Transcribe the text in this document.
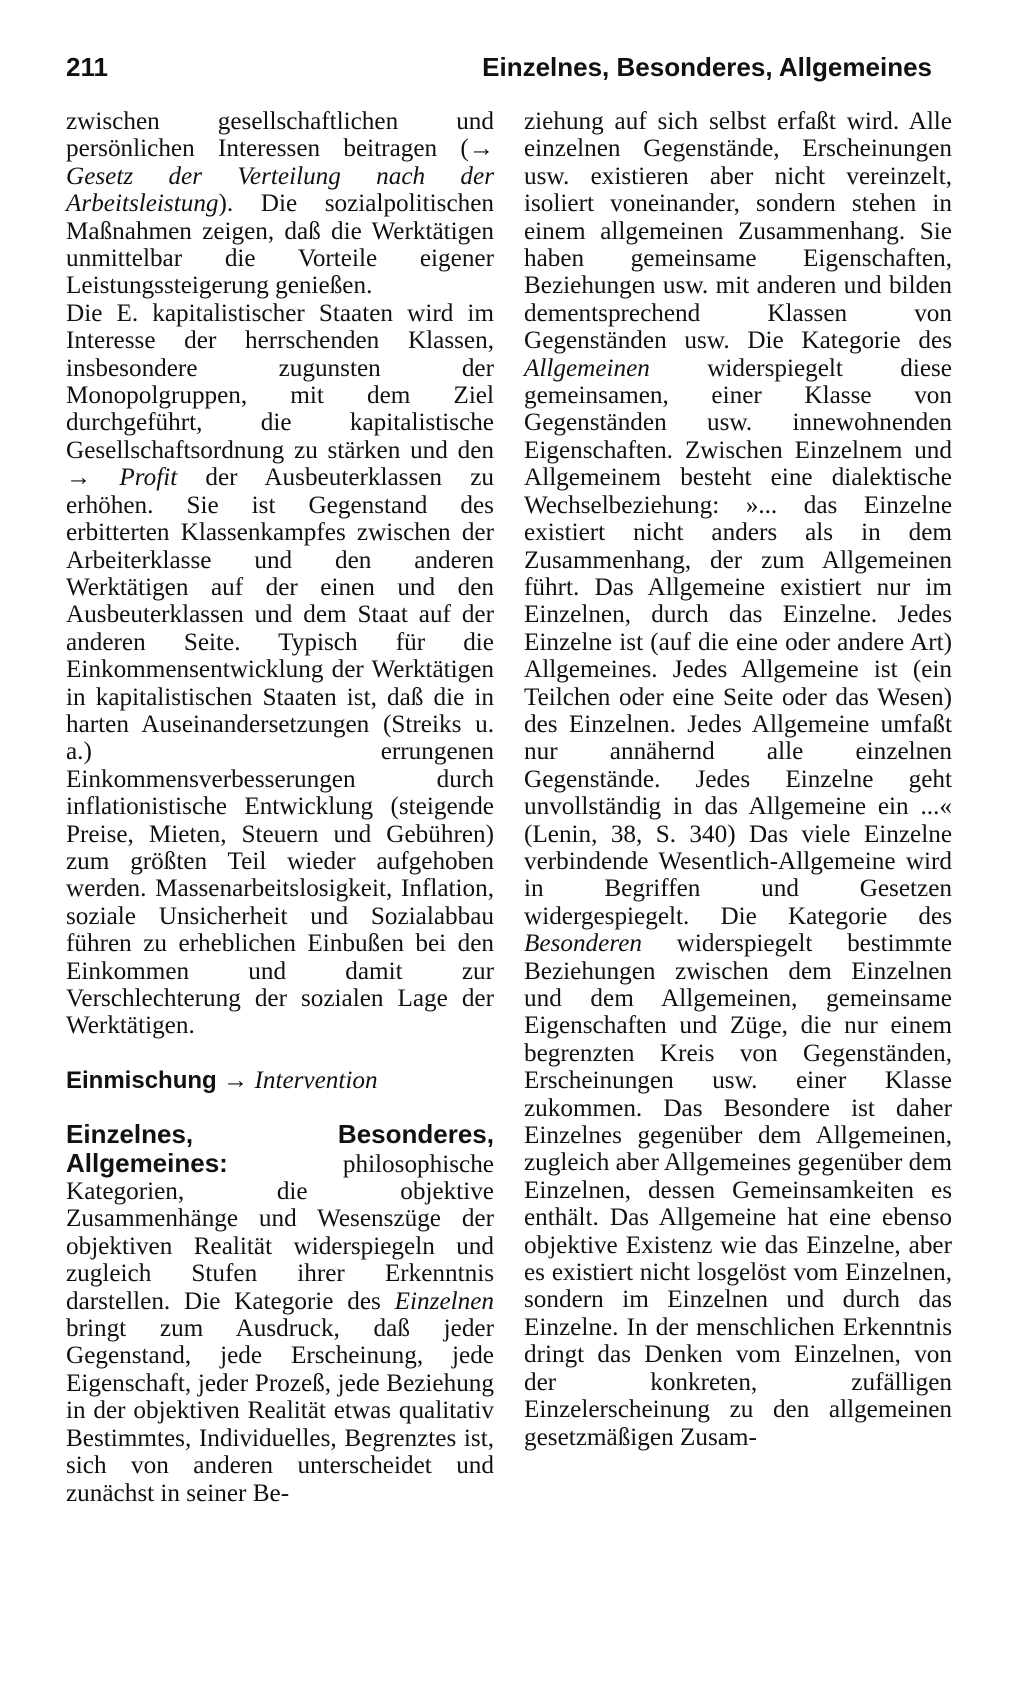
211	Einzelnes, Besonderes, Allgemeines

zwischen gesellschaftlichen und persönlichen Interessen beitragen (→ Gesetz der Verteilung nach der Arbeitsleistung). Die sozialpolitischen Maßnahmen zeigen, daß die Werktätigen unmittelbar die Vorteile eigener Leistungssteigerung genießen.

Die E. kapitalistischer Staaten wird im Interesse der herrschenden Klassen, insbesondere zugunsten der Monopolgruppen, mit dem Ziel durchgeführt, die kapitalistische Gesellschaftsordnung zu stärken und den → Profit der Ausbeuterklassen zu erhöhen. Sie ist Gegenstand des erbitterten Klassenkampfes zwischen der Arbeiterklasse und den anderen Werktätigen auf der einen und den Ausbeuterklassen und dem Staat auf der anderen Seite. Typisch für die Einkommensentwicklung der Werktätigen in kapitalistischen Staaten ist, daß die in harten Auseinandersetzungen (Streiks u. a.) errungenen Einkommensverbesserungen durch inflationistische Entwicklung (steigende Preise, Mieten, Steuern und Gebühren) zum größten Teil wieder aufgehoben werden. Massenarbeitslosigkeit, Inflation, soziale Unsicherheit und Sozialabbau führen zu erheblichen Einbußen bei den Einkommen und damit zur Verschlechterung der sozialen Lage der Werktätigen.

Einmischung → Intervention

Einzelnes, Besonderes, Allgemeines: philosophische Kategorien, die objektive Zusammenhänge und Wesenszüge der objektiven Realität widerspiegeln und zugleich Stufen ihrer Erkenntnis darstellen. Die Kategorie des Einzelnen bringt zum Ausdruck, daß jeder Gegenstand, jede Erscheinung, jede Eigenschaft, jeder Prozeß, jede Beziehung in der objektiven Realität etwas qualitativ Bestimmtes, Individuelles, Begrenztes ist, sich von anderen unterscheidet und zunächst in seiner Be-

ziehung auf sich selbst erfaßt wird. Alle einzelnen Gegenstände, Erscheinungen usw. existieren aber nicht vereinzelt, isoliert voneinander, sondern stehen in einem allgemeinen Zusammenhang. Sie haben gemeinsame Eigenschaften, Beziehungen usw. mit anderen und bilden dementsprechend Klassen von Gegenständen usw. Die Kategorie des Allgemeinen widerspiegelt diese gemeinsamen, einer Klasse von Gegenständen usw. innewohnenden Eigenschaften. Zwischen Einzelnem und Allgemeinem besteht eine dialektische Wechselbeziehung: »... das Einzelne existiert nicht anders als in dem Zusammenhang, der zum Allgemeinen führt. Das Allgemeine existiert nur im Einzelnen, durch das Einzelne. Jedes Einzelne ist (auf die eine oder andere Art) Allgemeines. Jedes Allgemeine ist (ein Teilchen oder eine Seite oder das Wesen) des Einzelnen. Jedes Allgemeine umfaßt nur annähernd alle einzelnen Gegenstände. Jedes Einzelne geht unvollständig in das Allgemeine ein ...« (Lenin, 38, S. 340) Das viele Einzelne verbindende Wesentlich-Allgemeine wird in Begriffen und Gesetzen widergespiegelt. Die Kategorie des Besonderen widerspiegelt bestimmte Beziehungen zwischen dem Einzelnen und dem Allgemeinen, gemeinsame Eigenschaften und Züge, die nur einem begrenzten Kreis von Gegenständen, Erscheinungen usw. einer Klasse zukommen. Das Besondere ist daher Einzelnes gegenüber dem Allgemeinen, zugleich aber Allgemeines gegenüber dem Einzelnen, dessen Gemeinsamkeiten es enthält. Das Allgemeine hat eine ebenso objektive Existenz wie das Einzelne, aber es existiert nicht losgelöst vom Einzelnen, sondern im Einzelnen und durch das Einzelne. In der menschlichen Erkenntnis dringt das Denken vom Einzelnen, von der konkreten, zufälligen Einzelerscheinung zu den allgemeinen gesetzmäßigen Zusam-
